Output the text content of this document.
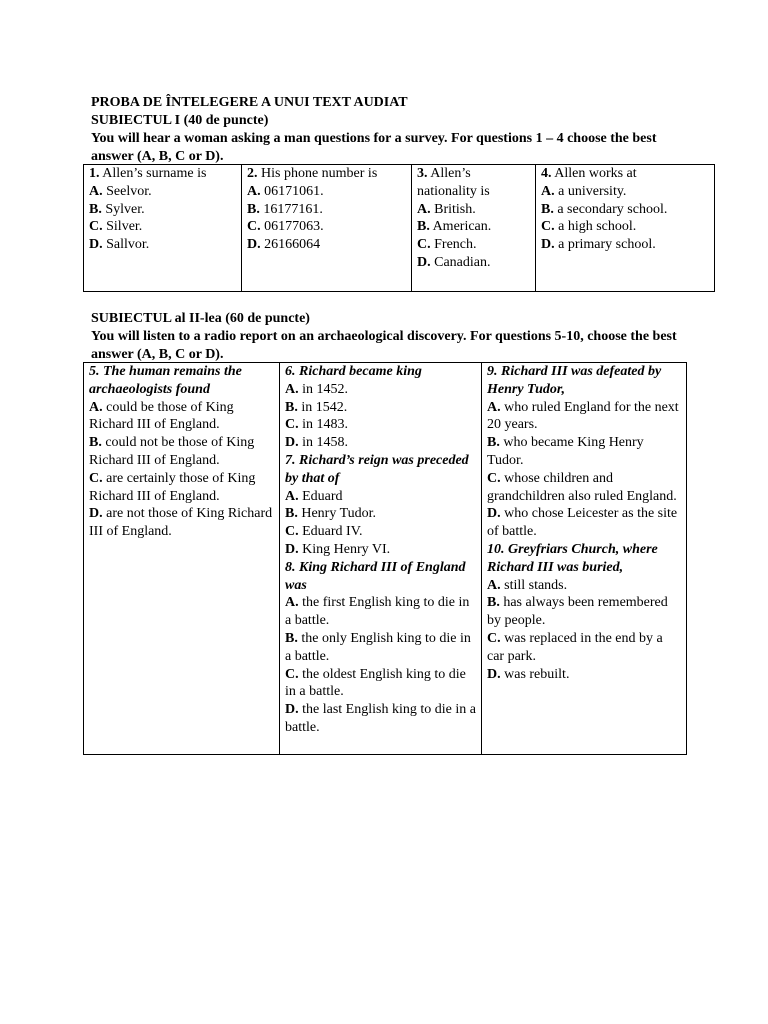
PROBA DE ÎNTELEGERE A UNUI TEXT AUDIAT
SUBIECTUL I (40 de puncte)
You will hear a woman asking a man questions for a survey. For questions 1 – 4 choose the best answer (A, B, C or D).
1. Allen’s surname is
A. Seelvor.
B. Sylver.
C. Silver.
D. Sallvor.

2. His phone number is
A. 06171061.
B. 16177161.
C. 06177063.
D. 26166064

3. Allen’s nationality is
A. British.
B. American.
C. French.
D. Canadian.

4. Allen works at
A. a university.
B. a secondary school.
C. a high school.
D. a primary school.
SUBIECTUL al II-lea (60 de puncte)
You will listen to a radio report on an archaeological discovery. For questions 5-10, choose the best answer (A, B, C or D).
5. The human remains the archaeologists found
A. could be those of King Richard III of England.
B. could not be those of King Richard III of England.
C. are certainly those of King Richard III of England.
D. are not those of King Richard III of England.

6. Richard became king
A. in 1452.
B. in 1542.
C. in 1483.
D. in 1458.
7. Richard’s reign was preceded by that of
A. Eduard
B. Henry Tudor.
C. Eduard IV.
D. King Henry VI.
8. King Richard III of England was
A. the first English king to die in a battle.
B. the only English king to die in a battle.
C. the oldest English king to die in a battle.
D. the last English king to die in a battle.

9. Richard III was defeated by Henry Tudor,
A. who ruled England for the next 20 years.
B. who became King Henry Tudor.
C. whose children and grandchildren also ruled England.
D. who chose Leicester as the site of battle.
10. Greyfriars Church, where Richard III was buried,
A. still stands.
B. has always been remembered by people.
C. was replaced in the end by a car park.
D. was rebuilt.
